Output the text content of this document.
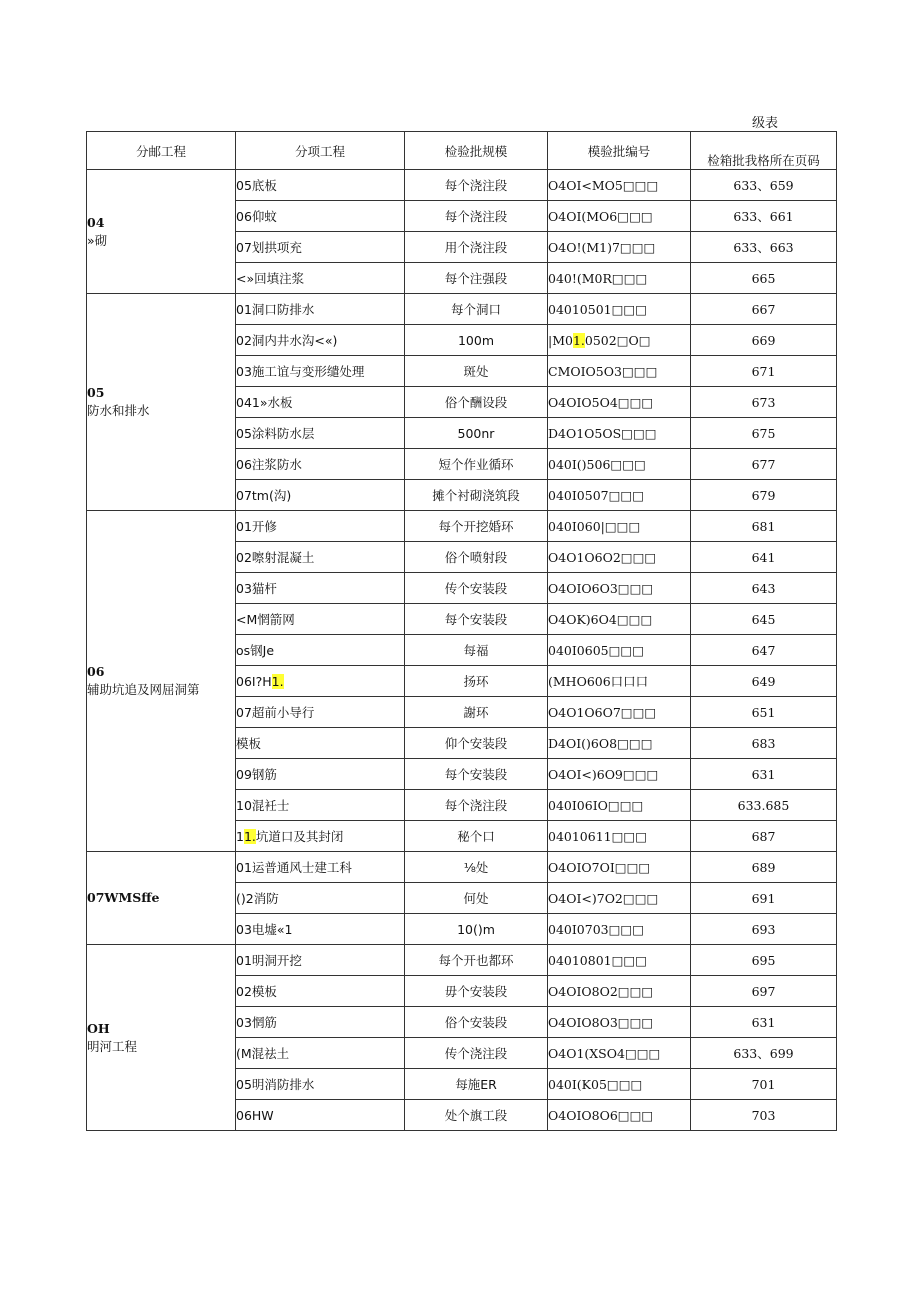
级表
分邮工程	分项工程	检验批规模	模验批编号	检箱批我格所在页码

04
»砌	05底板	每个浇注段	O4OI<MO5□□□	633、659
	06仰蚊	每个浇注段	O4OI(MO6□□□	633、661
	07划拱项充	用个浇注段	O4O!(M1)7□□□	633、663
	<»回填注浆	每个注强段	040!(M0R□□□	665

05
防水和排水	01洞口防排水	每个洞口	04010501□□□	667
	02洞内井水沟<«)	100m	|M01.0502□O□	669
	03施工谊与变形缱处理	斑处	CMOIO5O3□□□	671
	041»水板	俗个酬设段	O4OIO5O4□□□	673
	05涂料防水层	500nr	D4O1O5OS□□□	675
	06注浆防水	短个作业循环	040I()506□□□	677
	07tm(沟)	摊个衬砌浇筑段	040I0507□□□	679

06
辅助坑追及网屈洞第	01开修	每个开挖婚环	040I060|□□□	681
	02嚓射混凝土	俗个喷射段	O4O1O6O2□□□	641
	03猫杆	传个安装段	O4OIO6O3□□□	643
	<M惘箭网	每个安装段	O4OK)6O4□□□	645
	os钢Je	每福	040I0605□□□	647
	06I?H1.	扬环	(MHO606口口口	649
	07超前小导行	謝环	O4O1O6O7□□□	651
	模板	仰个安装段	D4OI()6O8□□□	683
	09钢筋	每个安装段	O4OI<)6O9□□□	631
	10混衽士	每个浇注段	040I06IO□□□	633.685
	11.坑道口及其封闭	秘个口	04010611□□□	687

07WMSffe	01运普通风士建工科	⅛处	O4OIO7OI□□□	689
	()2消防	何处	O4OI<)7O2□□□	691
	03电墟«1	10()m	040I0703□□□	693

OH
明河工程	01明洞开挖	每个开也都环	04010801□□□	695
	02模板	毋个安装段	O4OIO8O2□□□	697
	03惘筋	俗个安装段	O4OIO8O3□□□	631
	(M混祛土	传个浇注段	O4O1(XSO4□□□	633、699
	05明消防排水	每施ER	040I(K05□□□	701
	06HW	处个旗工段	O4OIO8O6□□□	703
